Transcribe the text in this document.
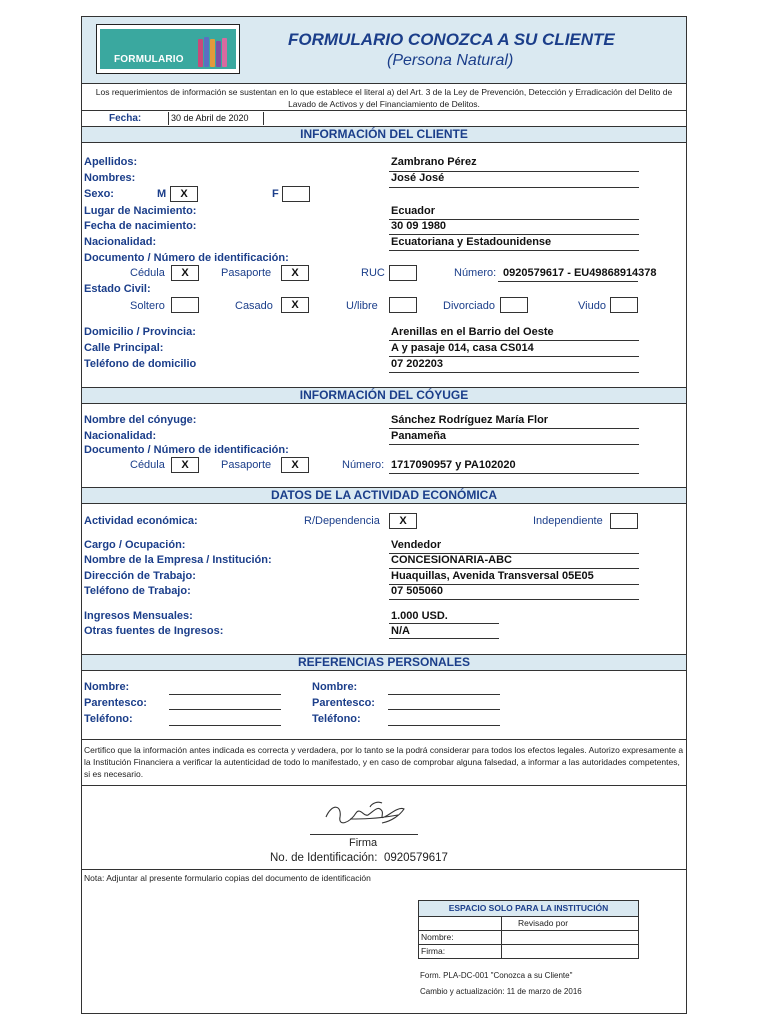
FORMULARIO
FORMULARIO CONOZCA A SU CLIENTE
(Persona Natural)
Los requerimientos de información se sustentan en lo que establece el literal a) del Art. 3 de la Ley de Prevención, Detección y Erradicación del Delito de Lavado de Activos y del Financiamiento de Delitos.
Fecha:	30 de Abril de 2020
INFORMACIÓN DEL CLIENTE
Apellidos:	Zambrano Pérez
Nombres:	José José
Sexo:	M	X	F
Lugar de Nacimiento:	Ecuador
Fecha de nacimiento:	30 09 1980
Nacionalidad:	Ecuatoriana y Estadounidense
Documento / Número de identificación:
Cédula	X	Pasaporte	X	RUC	Número: 0920579617 - EU49868914378
Estado Civil:
Soltero	Casado	X	U/libre	Divorciado	Viudo
Domicilio / Provincia:	Arenillas en el Barrio del Oeste
Calle Principal:	A y pasaje 014, casa CS014
Teléfono de domicilio	07 202203
INFORMACIÓN DEL CÓYUGE
Nombre del cónyuge:	Sánchez Rodríguez María Flor
Nacionalidad:	Panameña
Documento / Número de identificación:
Cédula	X	Pasaporte	X	Número: 1717090957 y PA102020
DATOS DE LA ACTIVIDAD ECONÓMICA
Actividad económica:	R/Dependencia	X	Independiente
Cargo / Ocupación:	Vendedor
Nombre de la Empresa / Institución:	CONCESIONARIA-ABC
Dirección de Trabajo:	Huaquillas, Avenida Transversal 05E05
Teléfono de Trabajo:	07 505060
Ingresos Mensuales:	1.000 USD.
Otras fuentes de Ingresos:	N/A
REFERENCIAS PERSONALES
Nombre:
Parentesco:
Teléfono:
Nombre:
Parentesco:
Teléfono:
Certifico que la información antes indicada es correcta y verdadera, por lo tanto se la podrá considerar para todos los efectos legales. Autorizo expresamente a la Institución Financiera a verificar la autenticidad de todo lo manifestado, y en caso de comprobar alguna falsedad, a informar a las autoridades competentes, si es necesario.
Firma
No. de Identificación: 0920579617
Nota: Adjuntar al presente formulario copias del documento de identificación
ESPACIO SOLO PARA LA INSTITUCIÓN
Revisado por
Nombre:
Firma:
Form. PLA-DC-001 "Conozca a su Cliente"
Cambio y actualización: 11 de marzo de 2016
